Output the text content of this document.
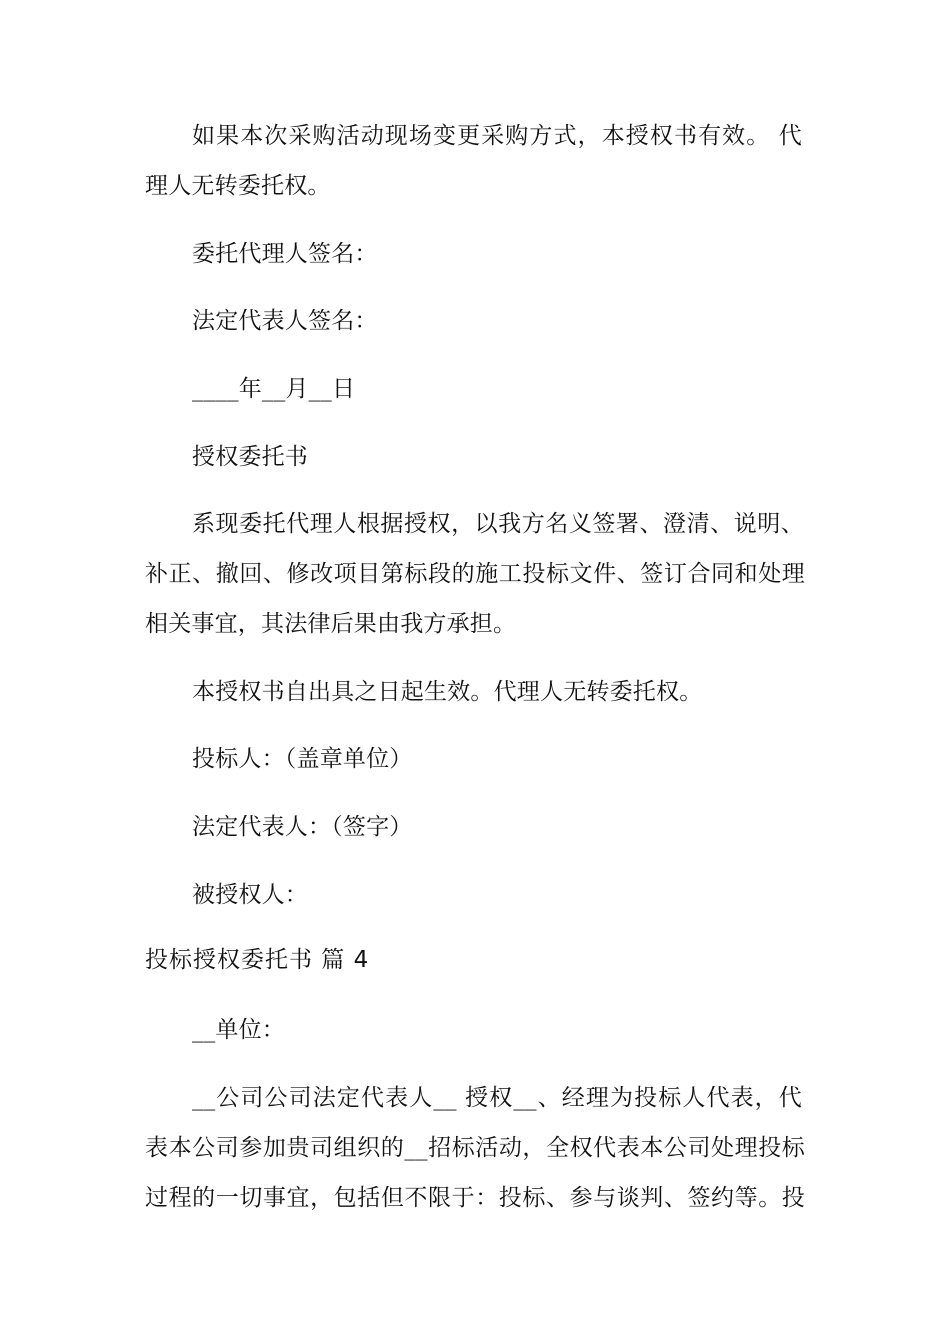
如果本次采购活动现场变更采购方式，本授权书有效。 代
理人无转委托权。
委托代理人签名：
法定代表人签名：
____年__月__日
授权委托书
系现委托代理人根据授权，以我方名义签署、澄清、说明、
补正、撤回、修改项目第标段的施工投标文件、签订合同和处理
相关事宜，其法律后果由我方承担。
本授权书自出具之日起生效。代理人无转委托权。
投标人：（盖章单位）
法定代表人：（签字）
被授权人：
投标授权委托书 篇 4
__单位：
__公司公司法定代表人__ 授权__、经理为投标人代表，代
表本公司参加贵司组织的__招标活动，全权代表本公司处理投标
过程的一切事宜，包括但不限于：投标、参与谈判、签约等。投
